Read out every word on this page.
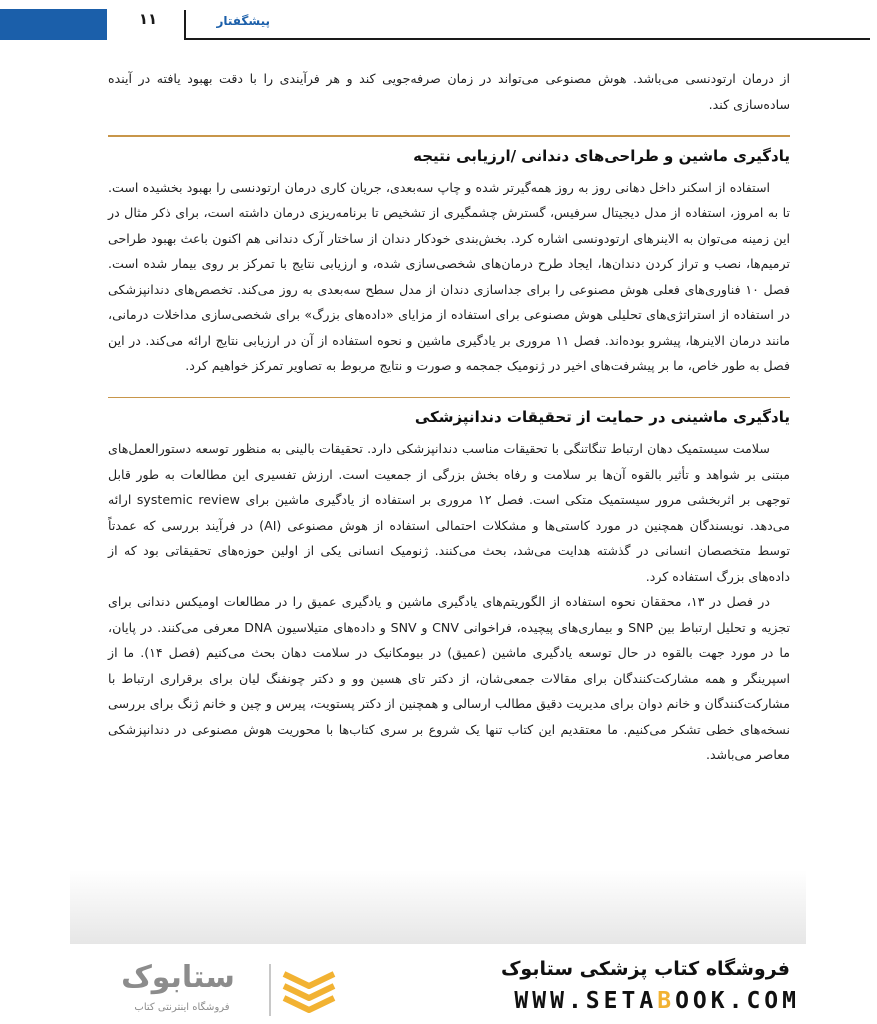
۱۱	پیشگفتار

از درمان ارتودنسی می‌باشد. هوش مصنوعی می‌تواند در زمان صرفه‌جویی کند و هر فرآیندی را با دقت بهبود یافته در آینده ساده‌سازی کند.

یادگیری ماشین و طراحی‌های دندانی /ارزیابی نتیجه

استفاده از اسکنر داخل دهانی روز به روز همه‌گیرتر شده و چاپ سه‌بعدی، جریان کاری درمان ارتودنسی را بهبود بخشیده است. تا به امروز، استفاده از مدل دیجیتال سرفیس، گسترش چشمگیری از تشخیص تا برنامه‌ریزی درمان داشته است، برای ذکر مثال در این زمینه می‌توان به الاینرهای ارتودونسی اشاره کرد. بخش‌بندی خودکار دندان از ساختار آرک دندانی هم اکنون باعث بهبود طراحی ترمیم‌ها، نصب و تراز کردن دندان‌ها، ایجاد طرح درمان‌های شخصی‌سازی شده، و ارزیابی نتایج با تمرکز بر روی بیمار شده است. فصل ۱۰ فناوری‌های فعلی هوش مصنوعی را برای جداسازی دندان از مدل سطح سه‌بعدی به روز می‌کند. تخصص‌های دندانپزشکی در استفاده از استراتژی‌های تحلیلی هوش مصنوعی برای استفاده از مزایای «داده‌های بزرگ» برای شخصی‌سازی مداخلات درمانی، مانند درمان الاینرها، پیشرو بوده‌اند. فصل ۱۱ مروری بر یادگیری ماشین و نحوه استفاده از آن در ارزیابی نتایج ارائه می‌کند. در این فصل به طور خاص، ما بر پیشرفت‌های اخیر در ژنومیک جمجمه و صورت و نتایج مربوط به تصاویر تمرکز خواهیم کرد.

یادگیری ماشینی در حمایت از تحقیقات دندانپزشکی

سلامت سیستمیک دهان ارتباط تنگاتنگی با تحقیقات مناسب دندانپزشکی دارد. تحقیقات بالینی به منظور توسعه دستورالعمل‌های مبتنی بر شواهد و تأثیر بالقوه آن‌ها بر سلامت و رفاه بخش بزرگی از جمعیت است. ارزش تفسیری این مطالعات به طور قابل توجهی بر اثربخشی مرور سیستمیک متکی است. فصل ۱۲ مروری بر استفاده از یادگیری ماشین برای systemic review ارائه می‌دهد. نویسندگان همچنین در مورد کاستی‌ها و مشکلات احتمالی استفاده از هوش مصنوعی (AI) در فرآیند بررسی که عمدتاً توسط متخصصان انسانی در گذشته هدایت می‌شد، بحث می‌کنند. ژنومیک انسانی یکی از اولین حوزه‌های تحقیقاتی بود که از داده‌های بزرگ استفاده کرد.

در فصل در ۱۳، محققان نحوه استفاده از الگوریتم‌های یادگیری ماشین و یادگیری عمیق را در مطالعات اومیکس دندانی برای تجزیه و تحلیل ارتباط بین SNP و بیماری‌های پیچیده، فراخوانی CNV و SNV و داده‌های متیلاسیون DNA معرفی می‌کنند. در پایان، ما در مورد جهت بالقوه در حال توسعه یادگیری ماشین (عمیق) در بیومکانیک در سلامت دهان بحث می‌کنیم (فصل ۱۴). ما از اسپرینگر و همه مشارکت‌کنندگان برای مقالات جمعی‌شان، از دکتر تای هسین وو و دکتر چونفنگ لیان برای برقراری ارتباط با مشارکت‌کنندگان و خانم دوان برای مدیریت دقیق مطالب ارسالی و همچنین از دکتر پستویت، پیرس و چین و خانم ژنگ برای بررسی نسخه‌های خطی تشکر می‌کنیم. ما معتقدیم این کتاب تنها یک شروع بر سری کتاب‌ها با محوریت هوش مصنوعی در دندانپزشکی معاصر می‌باشد.

ستابوک
فروشگاه اینترنتی کتاب
فروشگاه کتاب پزشکی ستابوک
WWW.SETABOOK.COM
